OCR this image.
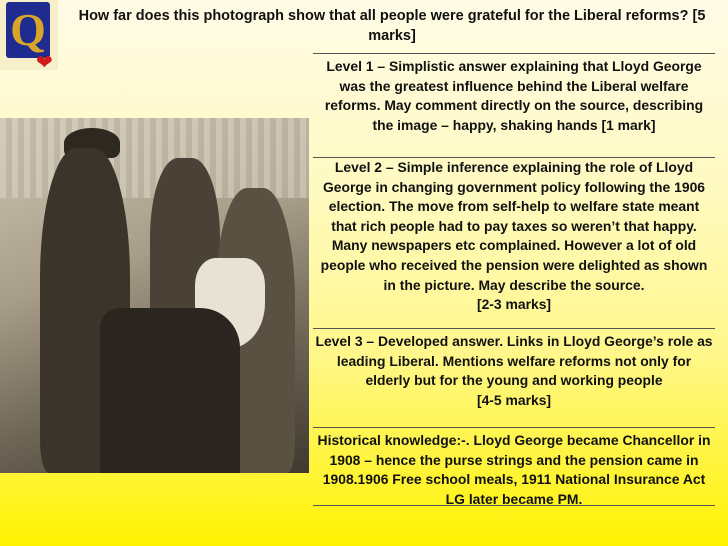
Q
❤
How far does this photograph show that all people were grateful for the Liberal reforms? [5 marks]
Level 1 – Simplistic answer explaining that Lloyd George was the greatest influence behind the Liberal welfare reforms. May comment directly on the source, describing the image – happy, shaking hands [1 mark]
Level 2 – Simple inference explaining the role of Lloyd George in changing government policy following the 1906 election. The move from self-help to welfare state meant that rich people had to pay taxes so weren’t that happy. Many newspapers etc complained. However a lot of old people who received the pension were delighted as shown in the picture. May describe the source.
[2-3 marks]
Level 3 – Developed answer. Links in Lloyd George’s role as leading Liberal. Mentions welfare reforms not only for elderly but for the young and working people
[4-5 marks]
Historical knowledge:-. Lloyd George became Chancellor in 1908 – hence the purse strings and the pension came in 1908.1906 Free school meals, 1911 National Insurance Act LG later became PM.
